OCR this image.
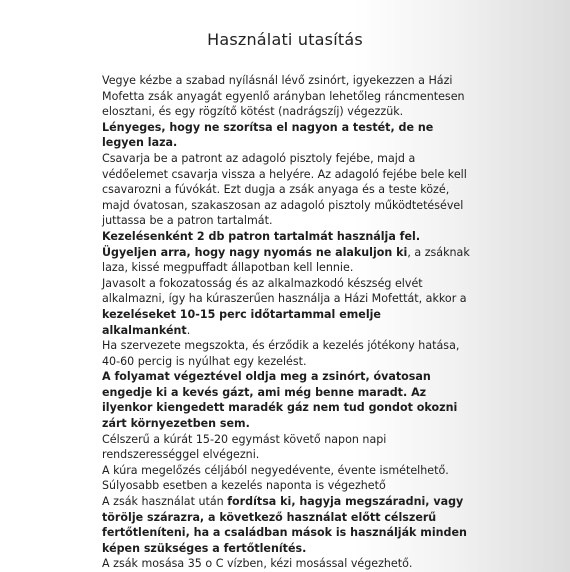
Használati utasítás

Vegye kézbe a szabad nyílásnál lévő zsinórt, igyekezzen a Házi Mofetta zsák anyagát egyenlő arányban lehetőleg ráncmentesen elosztani, és egy rögzítő kötést (nadrágszíj) végezzük.

Lényeges, hogy ne szorítsa el nagyon a testét, de ne legyen laza.

Csavarja be a patront az adagoló pisztoly fejébe, majd a védőelemet csavarja vissza a helyére. Az adagoló fejébe bele kell csavarozni a fúvókát. Ezt dugja a zsák anyaga és a teste közé, majd óvatosan, szakaszosan az adagoló pisztoly működtetésével juttassa be a patron tartalmát.

Kezelésenként 2 db patron tartalmát használja fel.

Ügyeljen arra, hogy nagy nyomás ne alakuljon ki, a zsáknak laza, kissé megpuffadt állapotban kell lennie.

Javasolt a fokozatosság és az alkalmazkodó készség elvét alkalmazni, így ha kúraszerűen használja a Házi Mofettát, akkor a kezeléseket 10-15 perc időtartammal emelje alkalmanként.

Ha szervezete megszokta, és érződik a kezelés jótékony hatása, 40-60 percig is nyúlhat egy kezelést.

A folyamat végeztével oldja meg a zsinórt, óvatosan engedje ki a kevés gázt, ami még benne maradt. Az ilyenkor kiengedett maradék gáz nem tud gondot okozni zárt környezetben sem.

Célszerű a kúrát 15-20 egymást követő napon napi rendszerességgel elvégezni.

A kúra megelőzés céljából negyedévente, évente ismételhető.

Súlyosabb esetben a kezelés naponta is végezhető

A zsák használat után fordítsa ki, hagyja megszáradni, vagy törölje szárazra, a következő használat előtt célszerű fertőtleníteni, ha a családban mások is használják minden képen szükséges a fertőtlenítés.

A zsák mosása 35 o C vízben, kézi mosással végezhető.
